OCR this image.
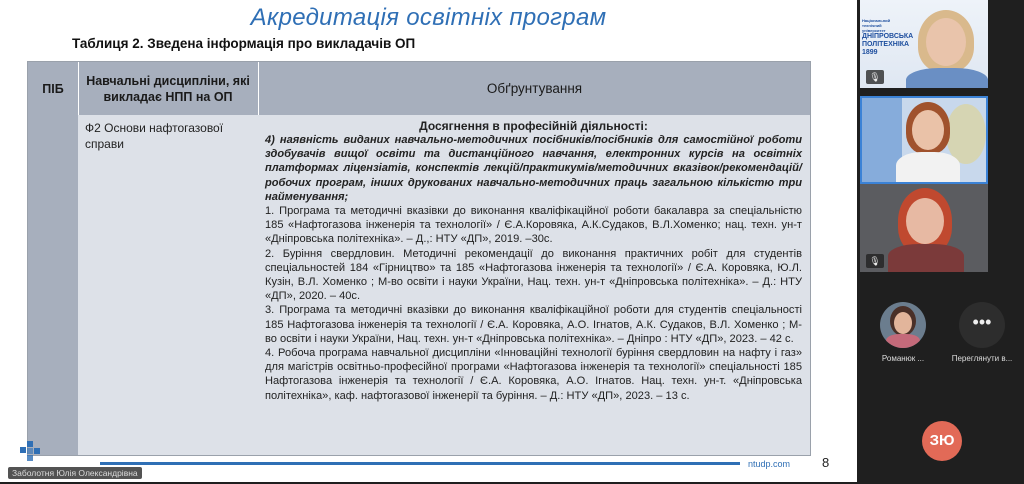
Акредитація освітніх програм
Таблиця 2. Зведена інформація про викладачів ОП
ПІБ
Навчальні дисципліни, які викладає НПП на ОП
Обґрунтування
Ф2 Основи нафтогазової справи
Досягнення в професійній діяльності:
4) наявність виданих навчально-методичних посібників/посібників для самостійної роботи здобувачів вищої освіти та дистанційного навчання, електронних курсів на освітніх платформах ліцензіатів, конспектів лекцій/практикумів/методичних вказівок/рекомендацій/ робочих програм, інших друкованих навчально-методичних праць загальною кількістю три найменування;
1. Програма та методичні вказівки до виконання кваліфікаційної роботи бакалавра за спеціальністю 185 «Нафтогазова інженерія та технології» / Є.А.Коровяка, А.К.Судаков, В.Л.Хоменко; нац. техн. ун-т «Дніпровська політехніка». – Д.,: НТУ «ДП», 2019. –30с.
2. Буріння свердловин. Методичні рекомендації до виконання практичних робіт для студентів спеціальностей 184 «Гірництво» та 185 «Нафтогазова інженерія та технології» / Є.А. Коровяка, Ю.Л. Кузін, В.Л. Хоменко ; М-во освіти і науки України, Нац. техн. ун-т «Дніпровська політехніка». – Д.: НТУ «ДП», 2020. – 40с.
3. Програма та методичні вказівки до виконання кваліфікаційної роботи для студентів спеціальності 185 Нафтогазова інженерія та технології / Є.А. Коровяка, А.О. Ігнатов, А.К. Судаков, В.Л. Хоменко ; М-во освіти і науки України, Нац. техн. ун-т «Дніпровська політехніка». – Дніпро : НТУ «ДП», 2023. – 42 с.
4. Робоча програма навчальної дисципліни «Інноваційні технології буріння свердловин на нафту і газ» для магістрів освітньо-професійної програми «Нафтогазова інженерія та технології» спеціальності 185 Нафтогазова інженерія та технології / Є.А. Коровяка, А.О. Ігнатов. Нац. техн. ун-т. «Дніпровська політехніка», каф. нафтогазової інженерії та буріння. – Д.: НТУ «ДП», 2023. – 13 с.
ntudp.com 8
Заболотня Юлія Олександрівна
Національний технічний університет
ДНІПРОВСЬКА ПОЛІТЕХНІКА
1899
🎙
🎙
Романюк ...
•••
Переглянути в...
ЗЮ
